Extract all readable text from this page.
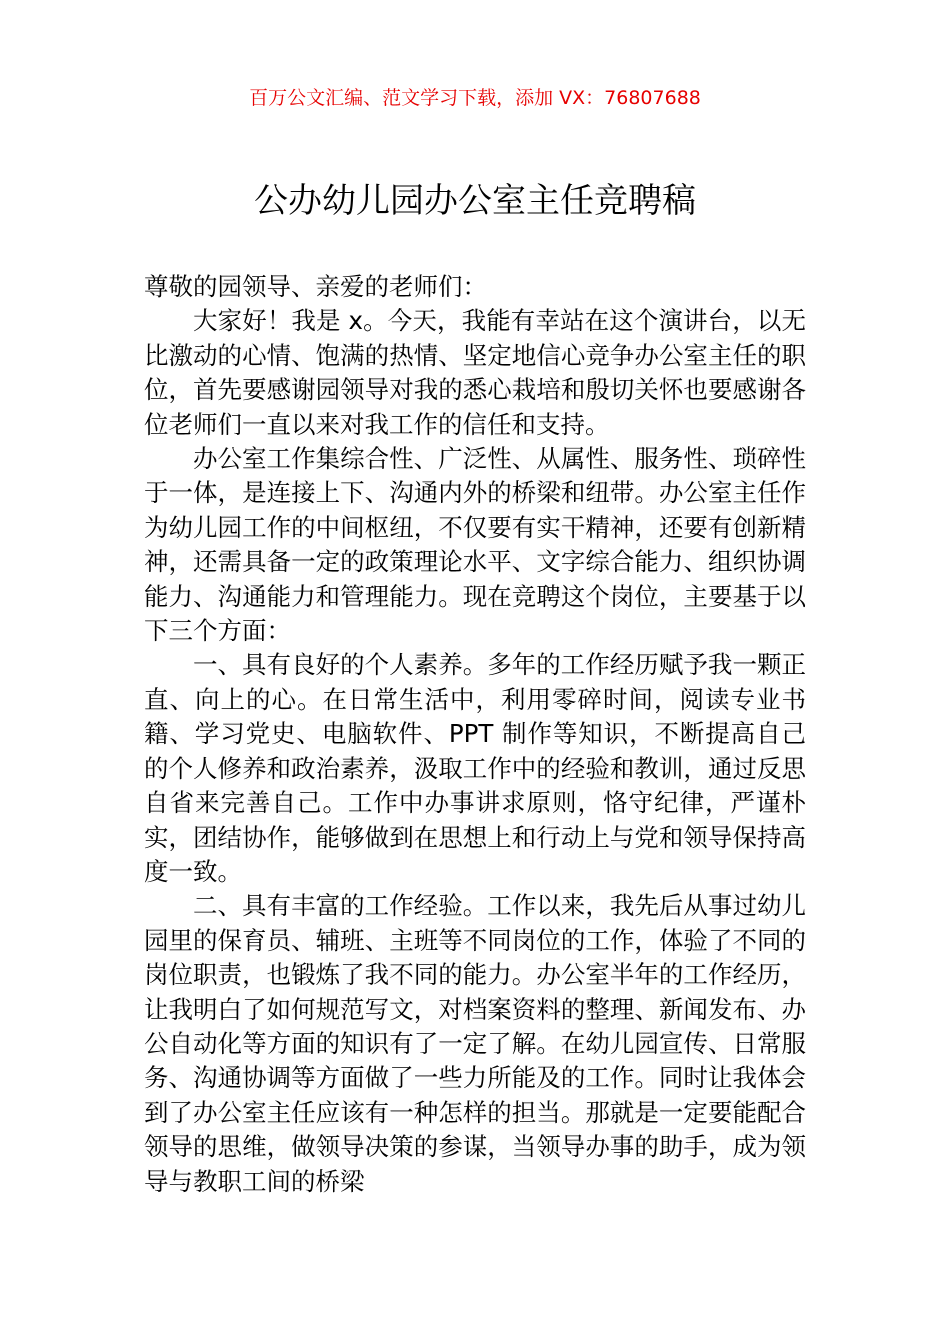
百万公文汇编、范文学习下载，添加 VX：76807688
公办幼儿园办公室主任竞聘稿

尊敬的园领导、亲爱的老师们：

大家好！我是 x。今天，我能有幸站在这个演讲台，以无比激动的心情、饱满的热情、坚定地信心竞争办公室主任的职位，首先要感谢园领导对我的悉心栽培和殷切关怀也要感谢各位老师们一直以来对我工作的信任和支持。

办公室工作集综合性、广泛性、从属性、服务性、琐碎性于一体，是连接上下、沟通内外的桥梁和纽带。办公室主任作为幼儿园工作的中间枢纽，不仅要有实干精神，还要有创新精神，还需具备一定的政策理论水平、文字综合能力、组织协调能力、沟通能力和管理能力。现在竞聘这个岗位，主要基于以下三个方面：

一、具有良好的个人素养。多年的工作经历赋予我一颗正直、向上的心。在日常生活中，利用零碎时间，阅读专业书籍、学习党史、电脑软件、PPT 制作等知识，不断提高自己的个人修养和政治素养，汲取工作中的经验和教训，通过反思自省来完善自己。工作中办事讲求原则，恪守纪律，严谨朴实，团结协作，能够做到在思想上和行动上与党和领导保持高度一致。

二、具有丰富的工作经验。工作以来，我先后从事过幼儿园里的保育员、辅班、主班等不同岗位的工作，体验了不同的岗位职责，也锻炼了我不同的能力。办公室半年的工作经历，让我明白了如何规范写文，对档案资料的整理、新闻发布、办公自动化等方面的知识有了一定了解。在幼儿园宣传、日常服务、沟通协调等方面做了一些力所能及的工作。同时让我体会到了办公室主任应该有一种怎样的担当。那就是一定要能配合领导的思维，做领导决策的参谋，当领导办事的助手，成为领导与教职工间的桥梁
